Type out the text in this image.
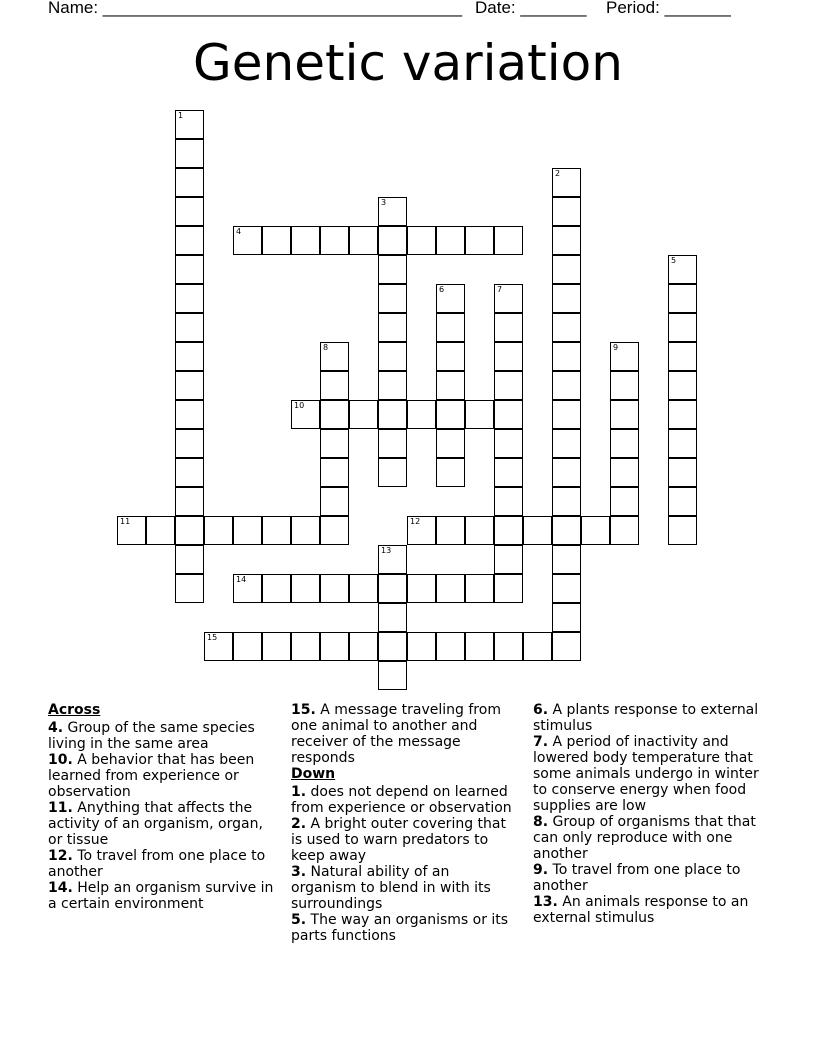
Name: ______________________________________ Date: _______ Period: _______
Genetic variation
1
2
3
4
5
6	7
8	9
10
11	12
13
14
15
Across
4. Group of the same species living in the same area
10. A behavior that has been learned from experience or observation
11. Anything that affects the activity of an organism, organ, or tissue
12. To travel from one place to another
14. Help an organism survive in a certain environment
15. A message traveling from one animal to another and receiver of the message responds
Down
1. does not depend on learned from experience or observation
2. A bright outer covering that is used to warn predators to keep away
3. Natural ability of an organism to blend in with its surroundings
5. The way an organisms or its parts functions
6. A plants response to external stimulus
7. A period of inactivity and lowered body temperature that some animals undergo in winter to conserve energy when food supplies are low
8. Group of organisms that that can only reproduce with one another
9. To travel from one place to another
13. An animals response to an external stimulus
